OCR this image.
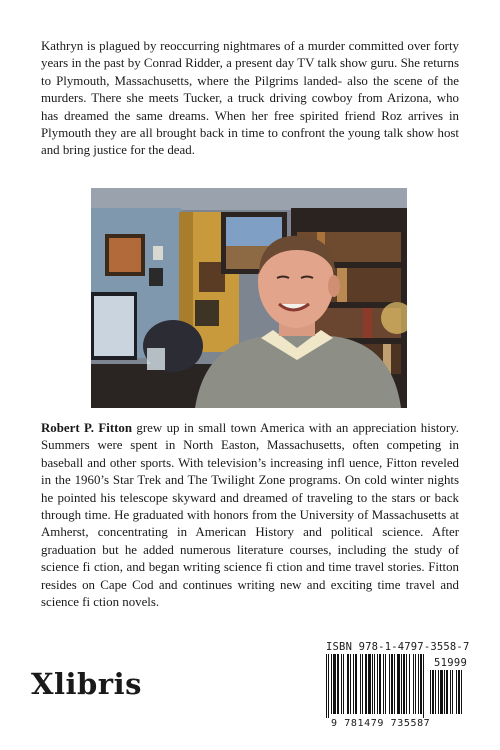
Kathryn is plagued by reoccurring nightmares of a murder committed over forty years in the past by Conrad Ridder, a present day TV talk show guru. She returns to Plymouth, Massachusetts, where the Pilgrims landed- also the scene of the murders. There she meets Tucker, a truck driving cowboy from Arizona, who has dreamed the same dreams. When her free spirited friend Roz arrives in Plymouth they are all brought back in time to confront the young talk show host and bring justice for the dead.

Robert P. Fitton grew up in small town America with an appreciation history. Summers were spent in North Easton, Massachusetts, often competing in baseball and other sports. With television’s increasing infl uence, Fitton reveled in the 1960’s Star Trek and The Twilight Zone programs. On cold winter nights he pointed his telescope skyward and dreamed of traveling to the stars or back through time. He graduated with honors from the University of Massachusetts at Amherst, concentrating in American History and political science. After graduation but he added numerous literature courses, including the study of science fi ction, and began writing science fi ction and time travel stories. Fitton resides on Cape Cod and continues writing new and exciting time travel and science fi ction novels.

Xlibris
ISBN 978-1-4797-3558-7
51999
9 781479 735587
